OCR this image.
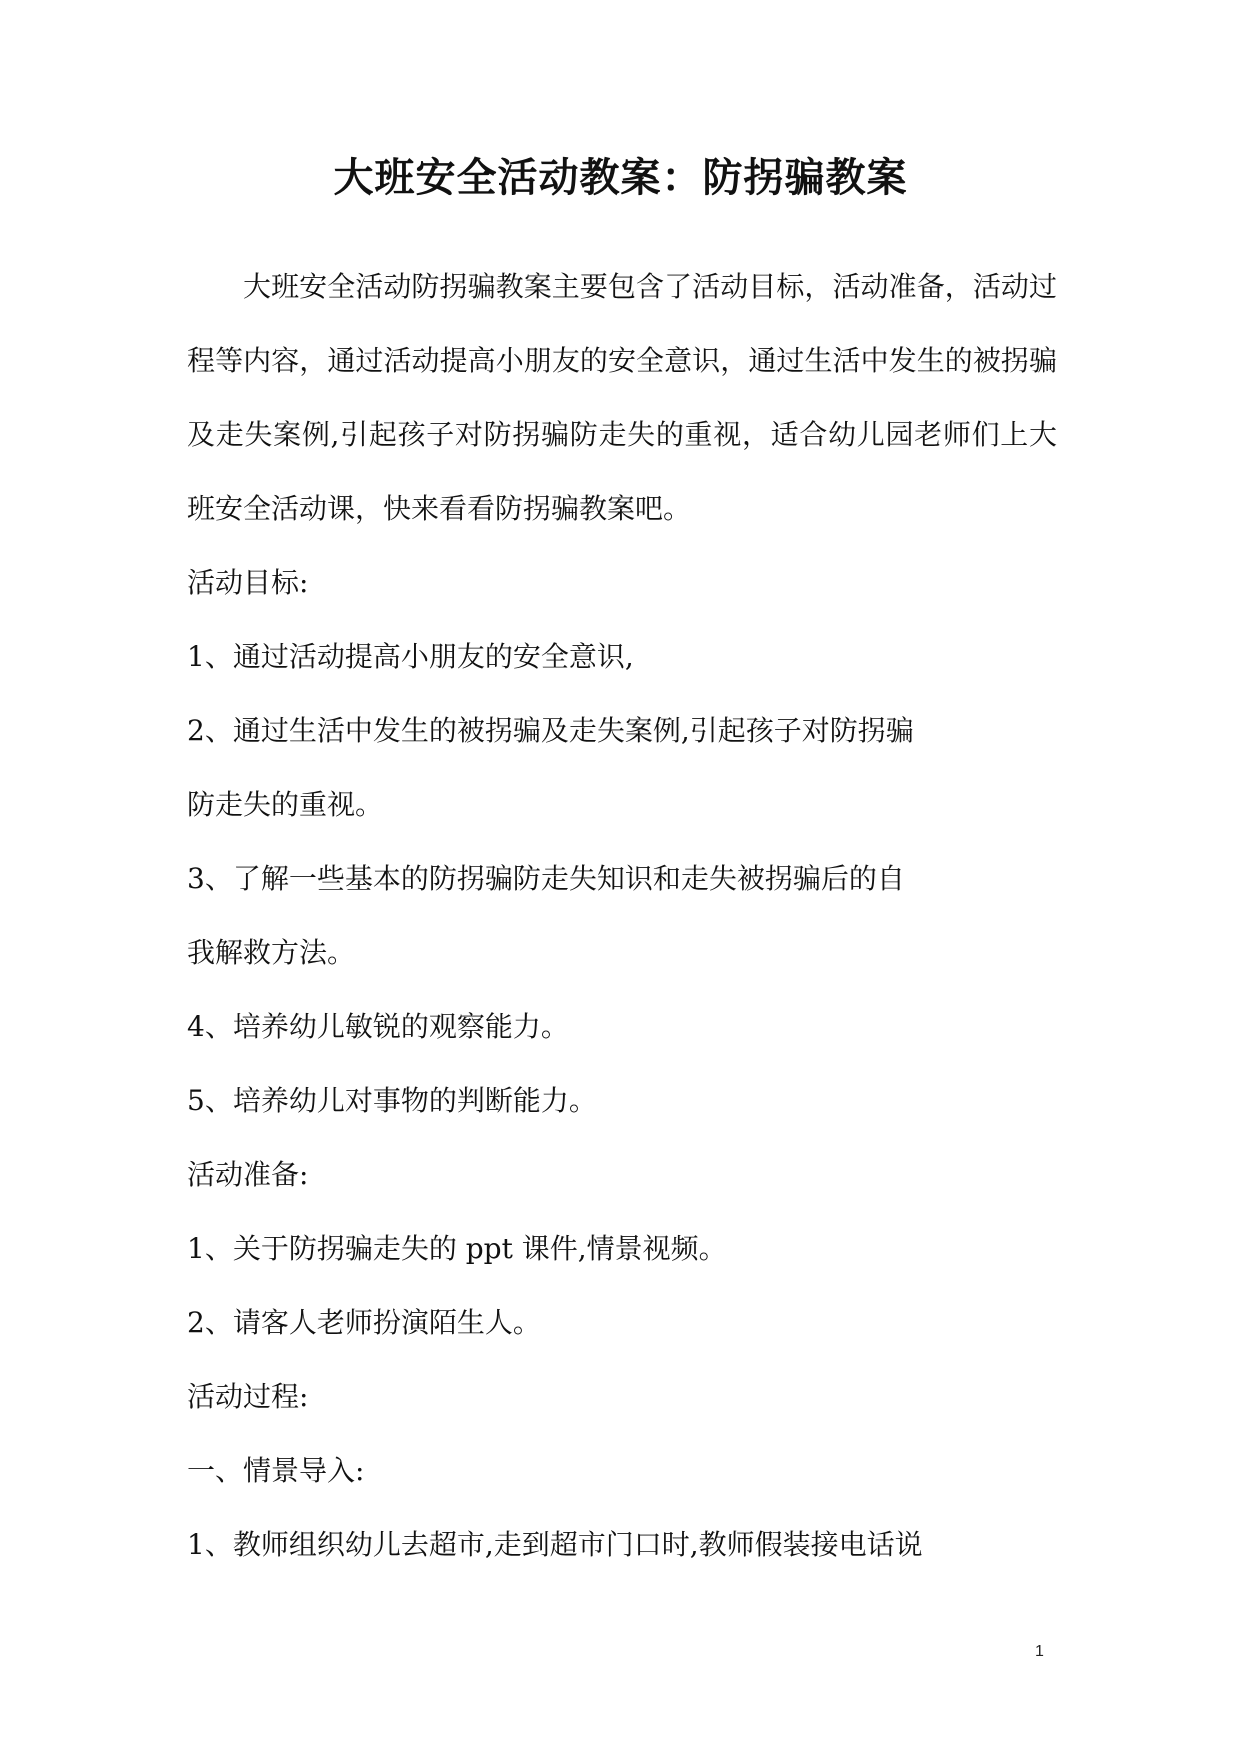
大班安全活动教案：防拐骗教案

大班安全活动防拐骗教案主要包含了活动目标，活动准备，活动过程等内容，通过活动提高小朋友的安全意识，通过生活中发生的被拐骗及走失案例,引起孩子对防拐骗防走失的重视，适合幼儿园老师们上大班安全活动课，快来看看防拐骗教案吧。

活动目标:

1、通过活动提高小朋友的安全意识,

2、通过生活中发生的被拐骗及走失案例,引起孩子对防拐骗

防走失的重视。

3、了解一些基本的防拐骗防走失知识和走失被拐骗后的自

我解救方法。

4、培养幼儿敏锐的观察能力。

5、培养幼儿对事物的判断能力。

活动准备:

1、关于防拐骗走失的 ppt 课件,情景视频。

2、请客人老师扮演陌生人。

活动过程:

一、情景导入:

1、教师组织幼儿去超市,走到超市门口时,教师假装接电话说

1
